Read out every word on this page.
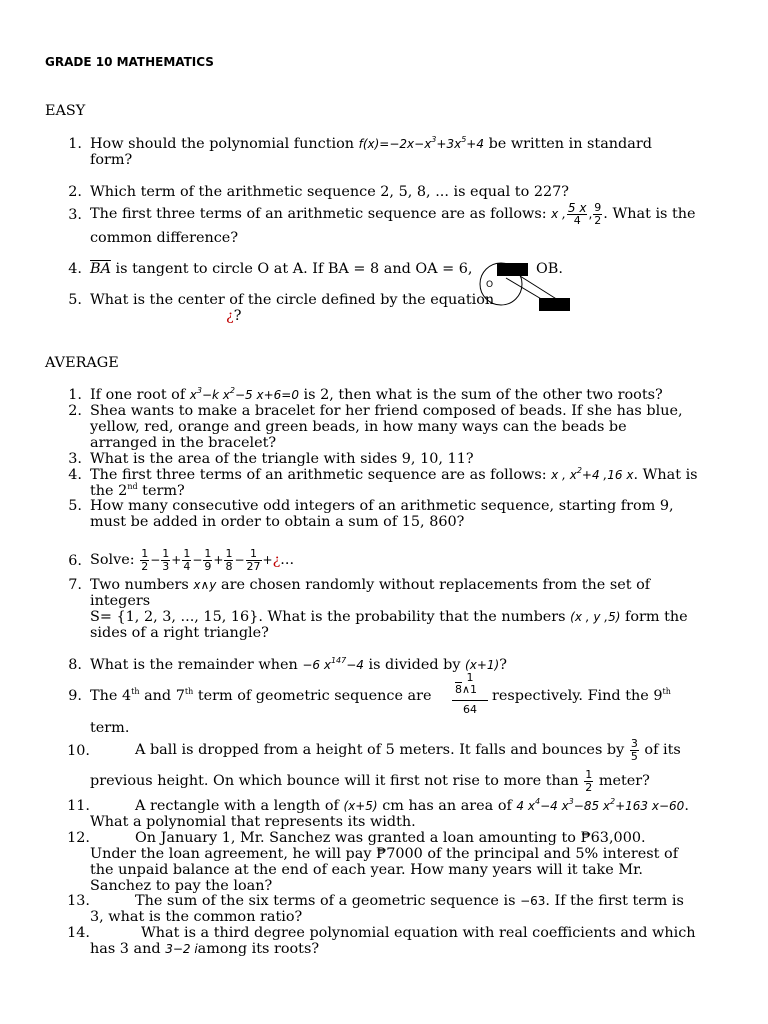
GRADE 10 MATHEMATICS
EASY
1. How should the polynomial function $f(x)=-2x-x^3+3x^5+4$ be written in standard
form?
2. Which term of the arithmetic sequence 2, 5, 8, ... is equal to 227?
3. The first three terms of an arithmetic sequence are as follows: x , $\frac{5 x}{4}$ , $\frac{9}{2}$ . What is the
common difference?
4. $\overline{BA}$ is tangent to circle O at A. If BA = 8 and OA = 6,	OB.
O
5. What is the center of the circle defined by the equation
¿?
AVERAGE
1. If one root of $x^3-k$ $x^2-5$ x+6=0 is 2, then what is the sum of the other two roots?
2. Shea wants to make a bracelet for her friend composed of beads. If she has blue,
yellow, red, orange and green beads, in how many ways can the beads be
arranged in the bracelet?
3. What is the area of the triangle with sides 9, 10, 11?
4. The first three terms of an arithmetic sequence are as follows: x , $x^2+4$ ,16 x. What is
the 2nd term?
5. How many consecutive odd integers of an arithmetic sequence, starting from 9,
must be added in order to obtain a sum of 15, 860?
6. Solve: $\frac{1}{2} - \frac{1}{3} + \frac{1}{4} - \frac{1}{9} + \frac{1}{8} - \frac{1}{27}$ +¿...
7. Two numbers x∧y are chosen randomly without replacements from the set of
integers
S= {1, 2, 3, ..., 15, 16}. What is the probability that the numbers (x , y ,5) form the
sides of a right triangle?
8. What is the remainder when −6 $x^{147}-4$ is divided by (x+1)?
9. The 4th and 7th term of geometric sequence are
1
8∧1
64
respectively. Find the 9th
term.
10.	A ball is dropped from a height of 5 meters. It falls and bounces by $\frac{3}{5}$ of its
previous height. On which bounce will it first not rise to more than $\frac{1}{2}$ meter?
11.	A rectangle with a length of (x+5) cm has an area of 4 $x^4-4$ $x^3-85$ $x^2+163$ x−60.
What a polynomial that represents its width.
12.	On January 1, Mr. Sanchez was granted a loan amounting to ₱63,000.
Under the loan agreement, he will pay ₱7000 of the principal and 5% interest of
the unpaid balance at the end of each year. How many years will it take Mr.
Sanchez to pay the loan?
13.	The sum of the six terms of a geometric sequence is −63. If the first term is
3, what is the common ratio?
14.	What is a third degree polynomial equation with real coefficients and which
has 3 and 3−2 iamong its roots?
